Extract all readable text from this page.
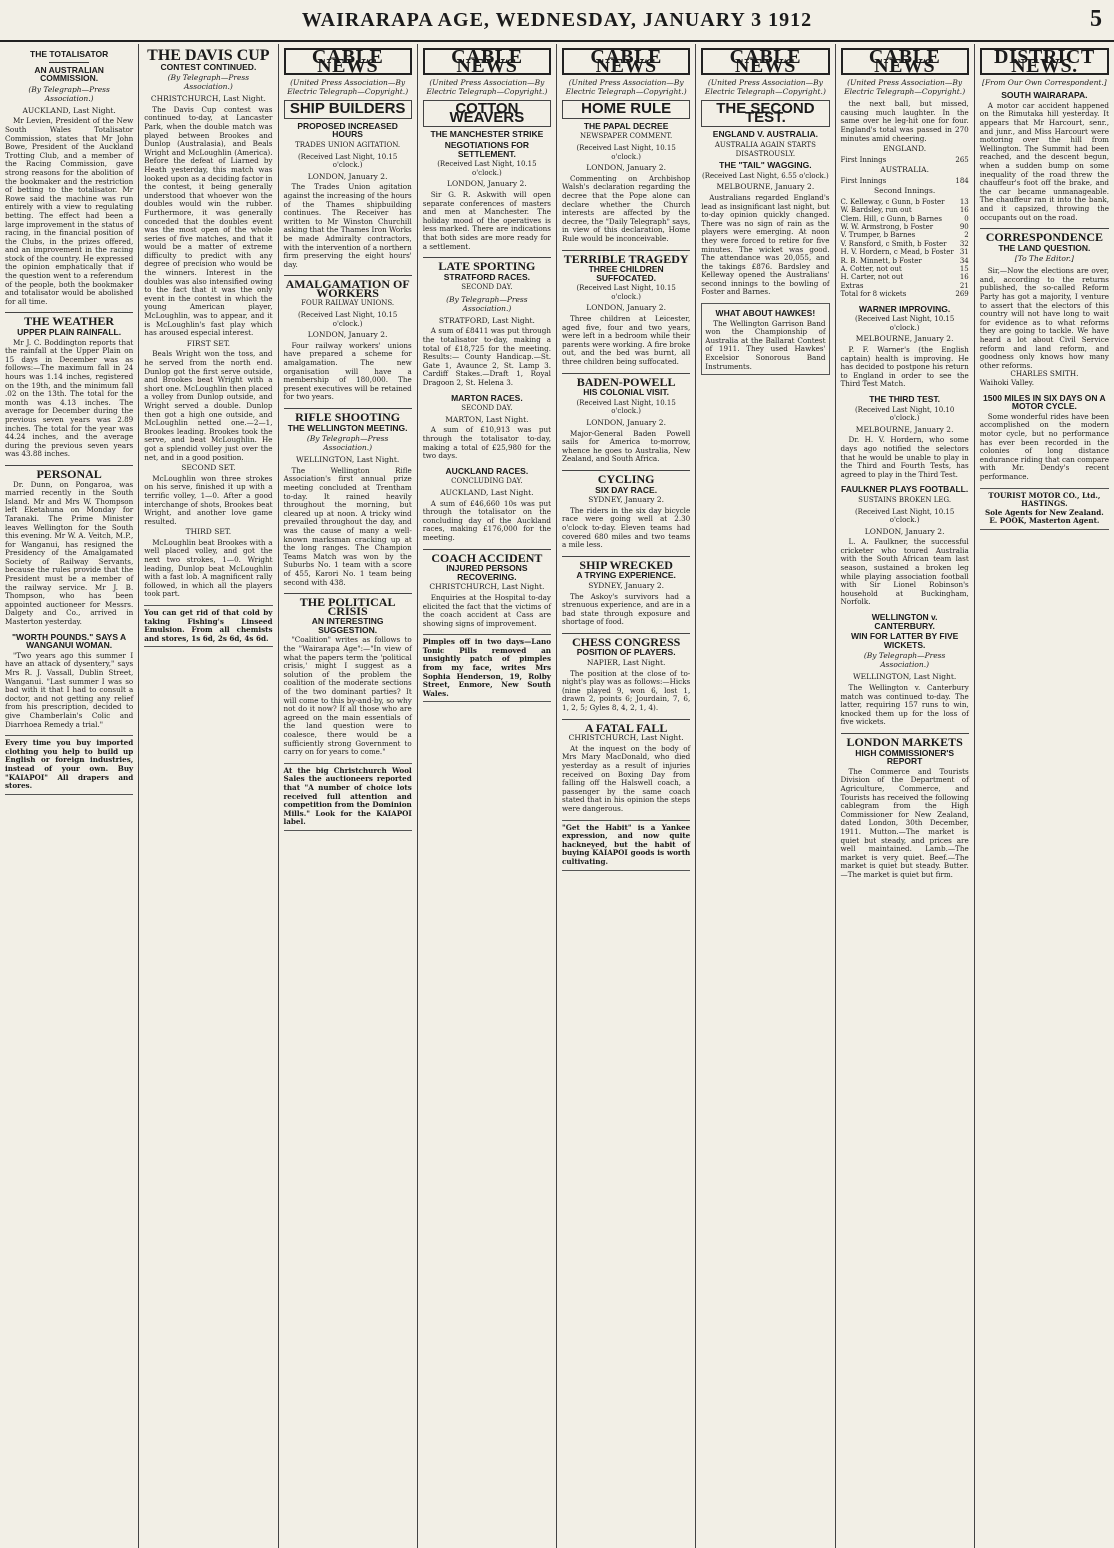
WAIRARAPA AGE, WEDNESDAY, JANUARY 3 1912	5
THE TOTALISATOR
AN AUSTRALIAN COMMISSION.
(By Telegraph—Press Association.)
AUCKLAND, Last Night.

Mr Levien, President of the New South Wales Totalisator Commission, states that Mr John Bowe, President of the Auckland Trotting Club, and a member of the Racing Commission, gave strong reasons for the abolition of the bookmaker and the restriction of betting to the totalisator. Mr Rowe said the machine was run entirely with a view to regulating betting. The effect had been a large improvement in the status of racing, in the financial position of the Clubs, in the prizes offered, and an improvement in the racing stock of the country. He expressed the opinion emphatically that if the question went to a referendum of the people, both the bookmaker and totalisator would be abolished for all time.

THE WEATHER
UPPER PLAIN RAINFALL.

Mr J. C. Boddington reports that the rainfall at the Upper Plain on 15 days in December was as follows:—The maximum fall in 24 hours was 1.14 inches, registered on the 19th, and the minimum fall .02 on the 13th. The total for the month was 4.13 inches. The average for December during the previous seven years was 2.89 inches. The total for the year was 44.24 inches, and the average during the previous seven years was 43.88 inches.

PERSONAL

Dr. Dunn, on Pongaroa, was married recently in the South Island. Mr and Mrs W. Thompson left Eketahuna on Monday for Taranaki. The Prime Minister leaves Wellington for the South this evening. Mr W. A. Veitch, M.P., for Wanganui, has resigned the Presidency of the Amalgamated Society of Railway Servants, because the rules provide that the President must be a member of the railway service. Mr J. B. Thompson, who has been appointed auctioneer for Messrs. Dalgety and Co., arrived in Masterton yesterday.

"WORTH POUNDS." SAYS A WANGANUI WOMAN.

"Two years ago this summer I have an attack of dysentery," says Mrs R. J. Vassall, Dublin Street, Wanganui. "Last summer I was so bad with it that I had to consult a doctor, and not getting any relief from his prescription, decided to give Chamberlain's Colic and Diarrhoea Remedy a trial."

Every time you buy imported clothing you help to build up English or foreign industries, instead of your own. Buy "KAIAPOI" All drapers and stores.
THE DAVIS CUP
CONTEST CONTINUED.
(By Telegraph—Press Association.)
CHRISTCHURCH, Last Night.

The Davis Cup contest was continued to-day, at Lancaster Park, when the double match was played between Brookes and Dunlop (Australasia), and Beals Wright and McLoughlin (America). Before the defeat of Liarned by Heath yesterday, this match was looked upon as a deciding factor in the contest, it being generally understood that whoever won the doubles would win the rubber. Furthermore, it was generally conceded that the doubles event was the most open of the whole series of five matches, and that it would be a matter of extreme difficulty to predict with any degree of precision who would be the winners. Interest in the doubles was also intensified owing to the fact that it was the only event in the contest in which the young American player, McLoughlin, was to appear, and it is McLoughlin's fast play which has aroused especial interest.

FIRST SET.

Beals Wright won the toss, and he served from the north end. Dunlop got the first serve outside, and Brookes beat Wright with a short one. McLoughlin then placed a volley from Dunlop outside, and Wright served a double. Dunlop then got a high one outside, and McLoughlin netted one.—2—1, Brookes leading. Brookes took the serve, and beat McLoughlin. He got a splendid volley just over the net, and in a good position.

SECOND SET.

McLoughlin won three strokes on his serve, finished it up with a terrific volley, 1—0. After a good interchange of shots, Brookes beat Wright, and another love game resulted.

THIRD SET.

McLoughlin beat Brookes with a well placed volley, and got the next two strokes, 1—0. Wright leading, Dunlop beat McLoughlin with a fast lob. A magnificent rally followed, in which all the players took part.

You can get rid of that cold by taking Fishing's Linseed Emulsion. From all chemists and stores, 1s 6d, 2s 6d, 4s 6d.
CABLE NEWS
(United Press Association—By Electric Telegraph—Copyright.)
SHIP BUILDERS
PROPOSED INCREASED HOURS
TRADES UNION AGITATION.
(Received Last Night, 10.15 o'clock.)
LONDON, January 2.

The Trades Union agitation against the increasing of the hours of the Thames shipbuilding continues. The Receiver has written to Mr Winston Churchill asking that the Thames Iron Works be made Admiralty contractors, with the intervention of a northern firm preserving the eight hours' day.

AMALGAMATION OF WORKERS
FOUR RAILWAY UNIONS.
(Received Last Night, 10.15 o'clock.)
LONDON, January 2.

Four railway workers' unions have prepared a scheme for amalgamation. The new organisation will have a membership of 180,000. The present executives will be retained for two years.

RIFLE SHOOTING
THE WELLINGTON MEETING.
(By Telegraph—Press Association.)
WELLINGTON, Last Night.

The Wellington Rifle Association's first annual prize meeting concluded at Trentham to-day. It rained heavily throughout the morning, but cleared up at noon. A tricky wind prevailed throughout the day, and was the cause of many a well-known marksman cracking up at the long ranges. The Champion Teams Match was won by the Suburbs No. 1 team with a score of 455, Karori No. 1 team being second with 438.

THE POLITICAL CRISIS
AN INTERESTING SUGGESTION.

"Coalition" writes as follows to the "Wairarapa Age":—"In view of what the papers term the 'political crisis,' might I suggest as a solution of the problem the coalition of the moderate sections of the two dominant parties? It will come to this by-and-by, so why not do it now? If all those who are agreed on the main essentials of the land question were to coalesce, there would be a sufficiently strong Government to carry on for years to come."

At the big Christchurch Wool Sales the auctioneers reported that "A number of choice lots received full attention and competition from the Dominion Mills." Look for the KAIAPOI label.
CABLE NEWS
(United Press Association—By Electric Telegraph—Copyright.)
COTTON WEAVERS
THE MANCHESTER STRIKE
NEGOTIATIONS FOR SETTLEMENT.
(Received Last Night, 10.15 o'clock.)
LONDON, January 2.

Sir G. R. Askwith will open separate conferences of masters and men at Manchester. The holiday mood of the operatives is less marked. There are indications that both sides are more ready for a settlement.

LATE SPORTING
STRATFORD RACES.
SECOND DAY.
(By Telegraph—Press Association.)
STRATFORD, Last Night.

A sum of £8411 was put through the totalisator to-day, making a total of £18,725 for the meeting. Results:— County Handicap.—St. Gate 1, Avaunce 2, St. Lamp 3. Cardiff Stakes.—Draft 1, Royal Dragoon 2, St. Helena 3.

MARTON RACES.
SECOND DAY.
MARTON, Last Night.

A sum of £10,913 was put through the totalisator to-day, making a total of £25,980 for the two days.

AUCKLAND RACES.
CONCLUDING DAY.
AUCKLAND, Last Night.

A sum of £46,660 10s was put through the totalisator on the concluding day of the Auckland races, making £176,000 for the meeting.

COACH ACCIDENT
INJURED PERSONS RECOVERING.
CHRISTCHURCH, Last Night.

Enquiries at the Hospital to-day elicited the fact that the victims of the coach accident at Cass are showing signs of improvement.

Pimples off in two days—Lano Tonic Pills removed an unsightly patch of pimples from my face, writes Mrs Sophia Henderson, 19, Rolby Street, Enmore, New South Wales.
CABLE NEWS
(United Press Association—By Electric Telegraph—Copyright.)
HOME RULE
THE PAPAL DECREE
NEWSPAPER COMMENT.
(Received Last Night, 10.15 o'clock.)
LONDON, January 2.

Commenting on Archbishop Walsh's declaration regarding the decree that the Pope alone can declare whether the Church interests are affected by the decree, the "Daily Telegraph" says, in view of this declaration, Home Rule would be inconceivable.

TERRIBLE TRAGEDY
THREE CHILDREN SUFFOCATED.
(Received Last Night, 10.15 o'clock.)
LONDON, January 2.

Three children at Leicester, aged five, four and two years, were left in a bedroom while their parents were working. A fire broke out, and the bed was burnt, all three children being suffocated.

BADEN-POWELL
HIS COLONIAL VISIT.
(Received Last Night, 10.15 o'clock.)
LONDON, January 2.

Major-General Baden Powell sails for America to-morrow, whence he goes to Australia, New Zealand, and South Africa.

CYCLING
SIX DAY RACE.
SYDNEY, January 2.

The riders in the six day bicycle race were going well at 2.30 o'clock to-day. Eleven teams had covered 680 miles and two teams a mile less.

SHIP WRECKED
A TRYING EXPERIENCE.
SYDNEY, January 2.

The Askoy's survivors had a strenuous experience, and are in a bad state through exposure and shortage of food.

CHESS CONGRESS
POSITION OF PLAYERS.
NAPIER, Last Night.

The position at the close of to-night's play was as follows:—Hicks (nine played 9, won 6, lost 1, drawn 2, points 6; Jourdain, 7, 6, 1, 2, 5; Gyles 8, 4, 2, 1, 4).

A FATAL FALL
CHRISTCHURCH, Last Night.

At the inquest on the body of Mrs Mary MacDonald, who died yesterday as a result of injuries received on Boxing Day from falling off the Halswell coach, a passenger by the same coach stated that in his opinion the steps were dangerous.

"Get the Habit" is a Yankee expression, and now quite hackneyed, but the habit of buying KAIAPOI goods is worth cultivating.
CABLE NEWS
(United Press Association—By Electric Telegraph—Copyright.)
THE SECOND TEST.
ENGLAND V. AUSTRALIA.
AUSTRALIA AGAIN STARTS DISASTROUSLY.
THE "TAIL" WAGGING.
(Received Last Night, 6.55 o'clock.)
MELBOURNE, January 2.

Australians regarded England's lead as insignificant last night, but to-day opinion quickly changed. There was no sign of rain as the players were emerging. At noon they were forced to retire for five minutes. The wicket was good. The attendance was 20,055, and the takings £876. Bardsley and Kelleway opened the Australians' second innings to the bowling of Foster and Barnes.

WHAT ABOUT HAWKES!

The Wellington Garrison Band won the Championship of Australia at the Ballarat Contest of 1911. They used Hawkes' Excelsior Sonorous Band Instruments.

CABLE NEWS
(United Press Association—By Electric Telegraph—Copyright.)

the next ball, but missed, causing much laughter. In the same over he leg-hit one for four. England's total was passed in 270 minutes amid cheering.

ENGLAND.
First Innings	265
AUSTRALIA.
First Innings	184
Second Innings.
C. Kelleway, c Gunn, b Foster	13
W. Bardsley, run out	16
Clem. Hill, c Gunn, b Barnes	0
W. W. Armstrong, b Foster	90
V. Trumper, b Barnes	2
V. Ransford, c Smith, b Foster	32
H. V. Hordern, c Mead, b Foster	31
R. B. Minnett, b Foster	34
A. Cotter, not out	15
H. Carter, not out	16
Extras	21
Total for 8 wickets	269
WARNER IMPROVING.
(Received Last Night, 10.15 o'clock.)
MELBOURNE, January 2.

P. F. Warner's (the English captain) health is improving. He has decided to postpone his return to England in order to see the Third Test Match.

THE THIRD TEST.
(Received Last Night, 10.10 o'clock.)
MELBOURNE, January 2.

Dr. H. V. Hordern, who some days ago notified the selectors that he would be unable to play in the Third and Fourth Tests, has agreed to play in the Third Test.

FAULKNER PLAYS FOOTBALL.
SUSTAINS BROKEN LEG.
(Received Last Night, 10.15 o'clock.)
LONDON, January 2.

L. A. Faulkner, the successful cricketer who toured Australia with the South African team last season, sustained a broken leg while playing association football with Sir Lionel Robinson's household at Buckingham, Norfolk.

WELLINGTON v. CANTERBURY.
WIN FOR LATTER BY FIVE WICKETS.
(By Telegraph—Press Association.)
WELLINGTON, Last Night.

The Wellington v. Canterbury match was continued to-day. The latter, requiring 157 runs to win, knocked them up for the loss of five wickets.

LONDON MARKETS
HIGH COMMISSIONER'S REPORT

The Commerce and Tourists Division of the Department of Agriculture, Commerce, and Tourists has received the following cablegram from the High Commissioner for New Zealand, dated London, 30th December, 1911. Mutton.—The market is quiet but steady, and prices are well maintained. Lamb.—The market is very quiet. Beef.—The market is quiet but steady. Butter.—The market is quiet but firm.

DISTRICT NEWS.
[From Our Own Correspondent.]
SOUTH WAIRARAPA.

A motor car accident happened on the Rimutaka hill yesterday. It appears that Mr Harcourt, senr., and junr., and Miss Harcourt were motoring over the hill from Wellington. The Summit had been reached, and the descent begun, when a sudden bump on some inequality of the road threw the chauffeur's foot off the brake, and the car became unmanageable. The chauffeur ran it into the bank, and it capsized, throwing the occupants out on the road.

CORRESPONDENCE
THE LAND QUESTION.
[To The Editor.]

Sir,—Now the elections are over, and, according to the returns published, the so-called Reform Party has got a majority, I venture to assert that the electors of this country will not have long to wait for evidence as to what reforms they are going to tackle. We have heard a lot about Civil Service reform and land reform, and goodness only knows how many other reforms.

CHARLES SMITH.
Waihoki Valley.
1500 MILES IN SIX DAYS ON A MOTOR CYCLE.

Some wonderful rides have been accomplished on the modern motor cycle, but no performance has ever been recorded in the colonies of long distance endurance riding that can compare with Mr. Dendy's recent performance.

TOURIST MOTOR CO., Ltd.,
HASTINGS.
Sole Agents for New Zealand.
E. POOK, Masterton Agent.
